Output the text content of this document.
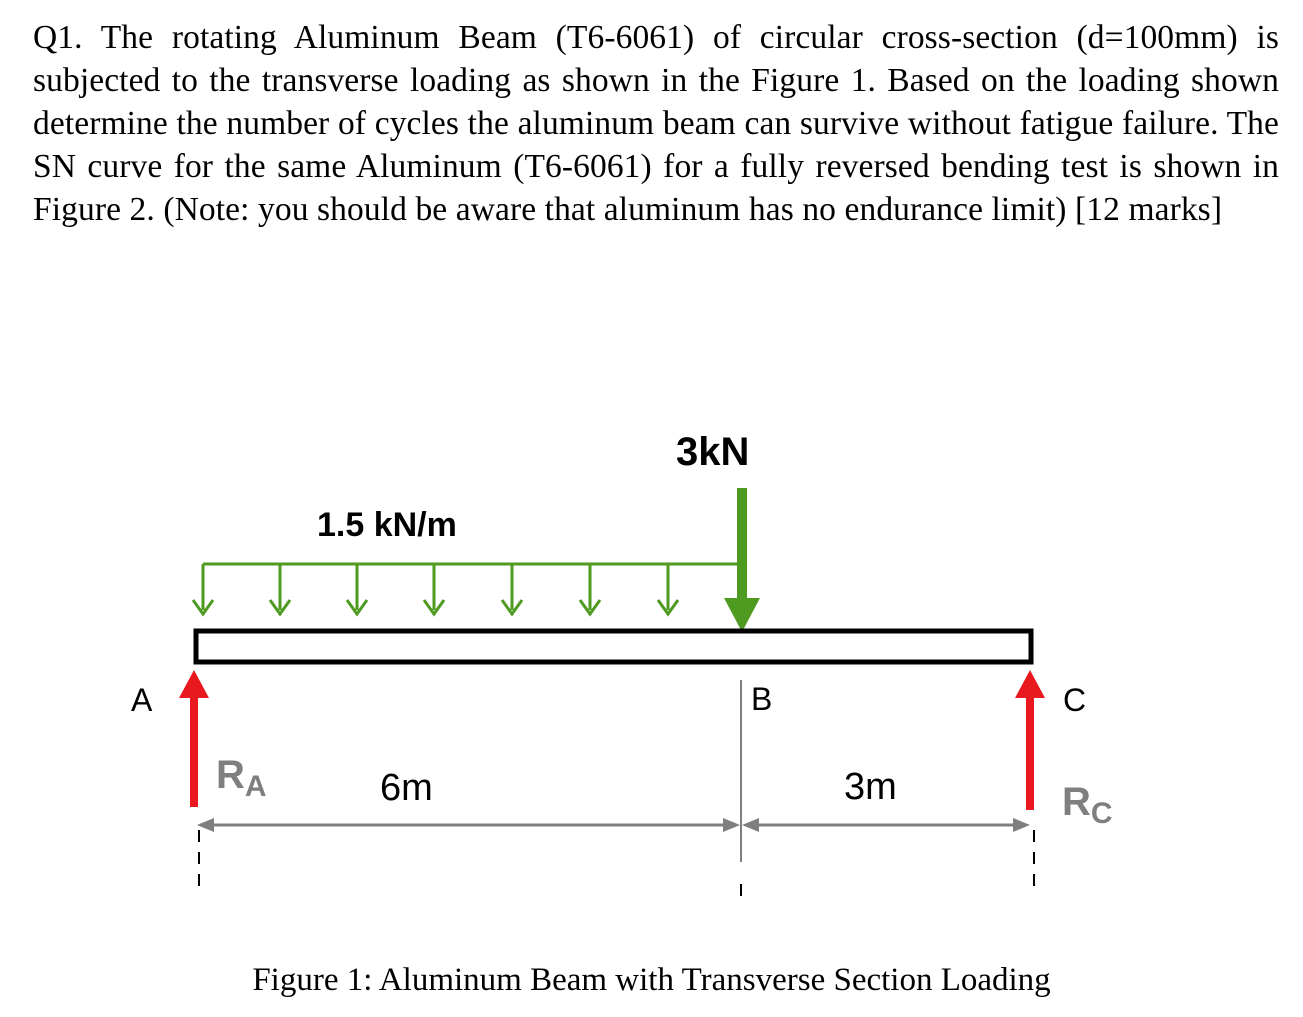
Q1. The rotating Aluminum Beam (T6-6061) of circular cross-section (d=100mm) is subjected to the transverse loading as shown in the Figure 1. Based on the loading shown determine the number of cycles the aluminum beam can survive without fatigue failure. The SN curve for the same Aluminum (T6-6061) for a fully reversed bending test is shown in Figure 2. (Note: you should be aware that aluminum has no endurance limit) [12 marks]
3kN
1.5 kN/m
A	B	C
$R_A$	$R_C$
6m	3m
Figure 1: Aluminum Beam with Transverse Section Loading
